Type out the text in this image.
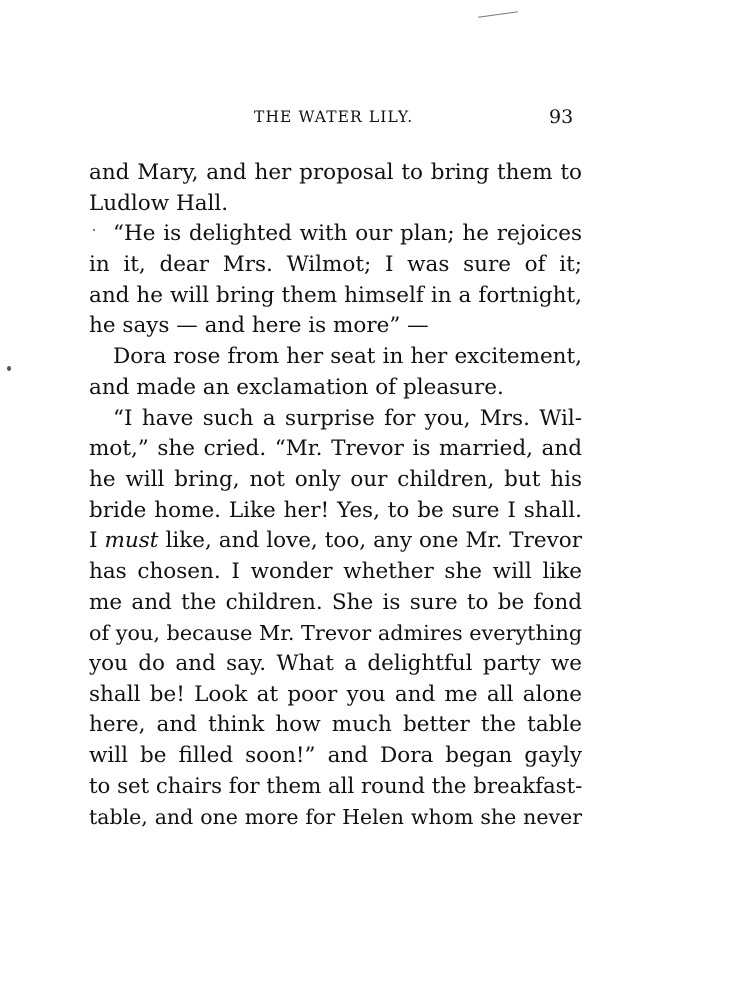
THE WATER LILY.	93
and Mary, and her proposal to bring them to
Ludlow Hall.
“He is delighted with our plan; he rejoices
in it, dear Mrs. Wilmot; I was sure of it;
and he will bring them himself in a fortnight,
he says — and here is more” —
Dora rose from her seat in her excitement,
and made an exclamation of pleasure.
“I have such a surprise for you, Mrs. Wil-
mot,” she cried. “Mr. Trevor is married, and
he will bring, not only our children, but his
bride home. Like her! Yes, to be sure I shall.
I must like, and love, too, any one Mr. Trevor
has chosen. I wonder whether she will like
me and the children. She is sure to be fond
of you, because Mr. Trevor admires everything
you do and say. What a delightful party we
shall be! Look at poor you and me all alone
here, and think how much better the table
will be filled soon!” and Dora began gayly
to set chairs for them all round the breakfast-
table, and one more for Helen whom she never
